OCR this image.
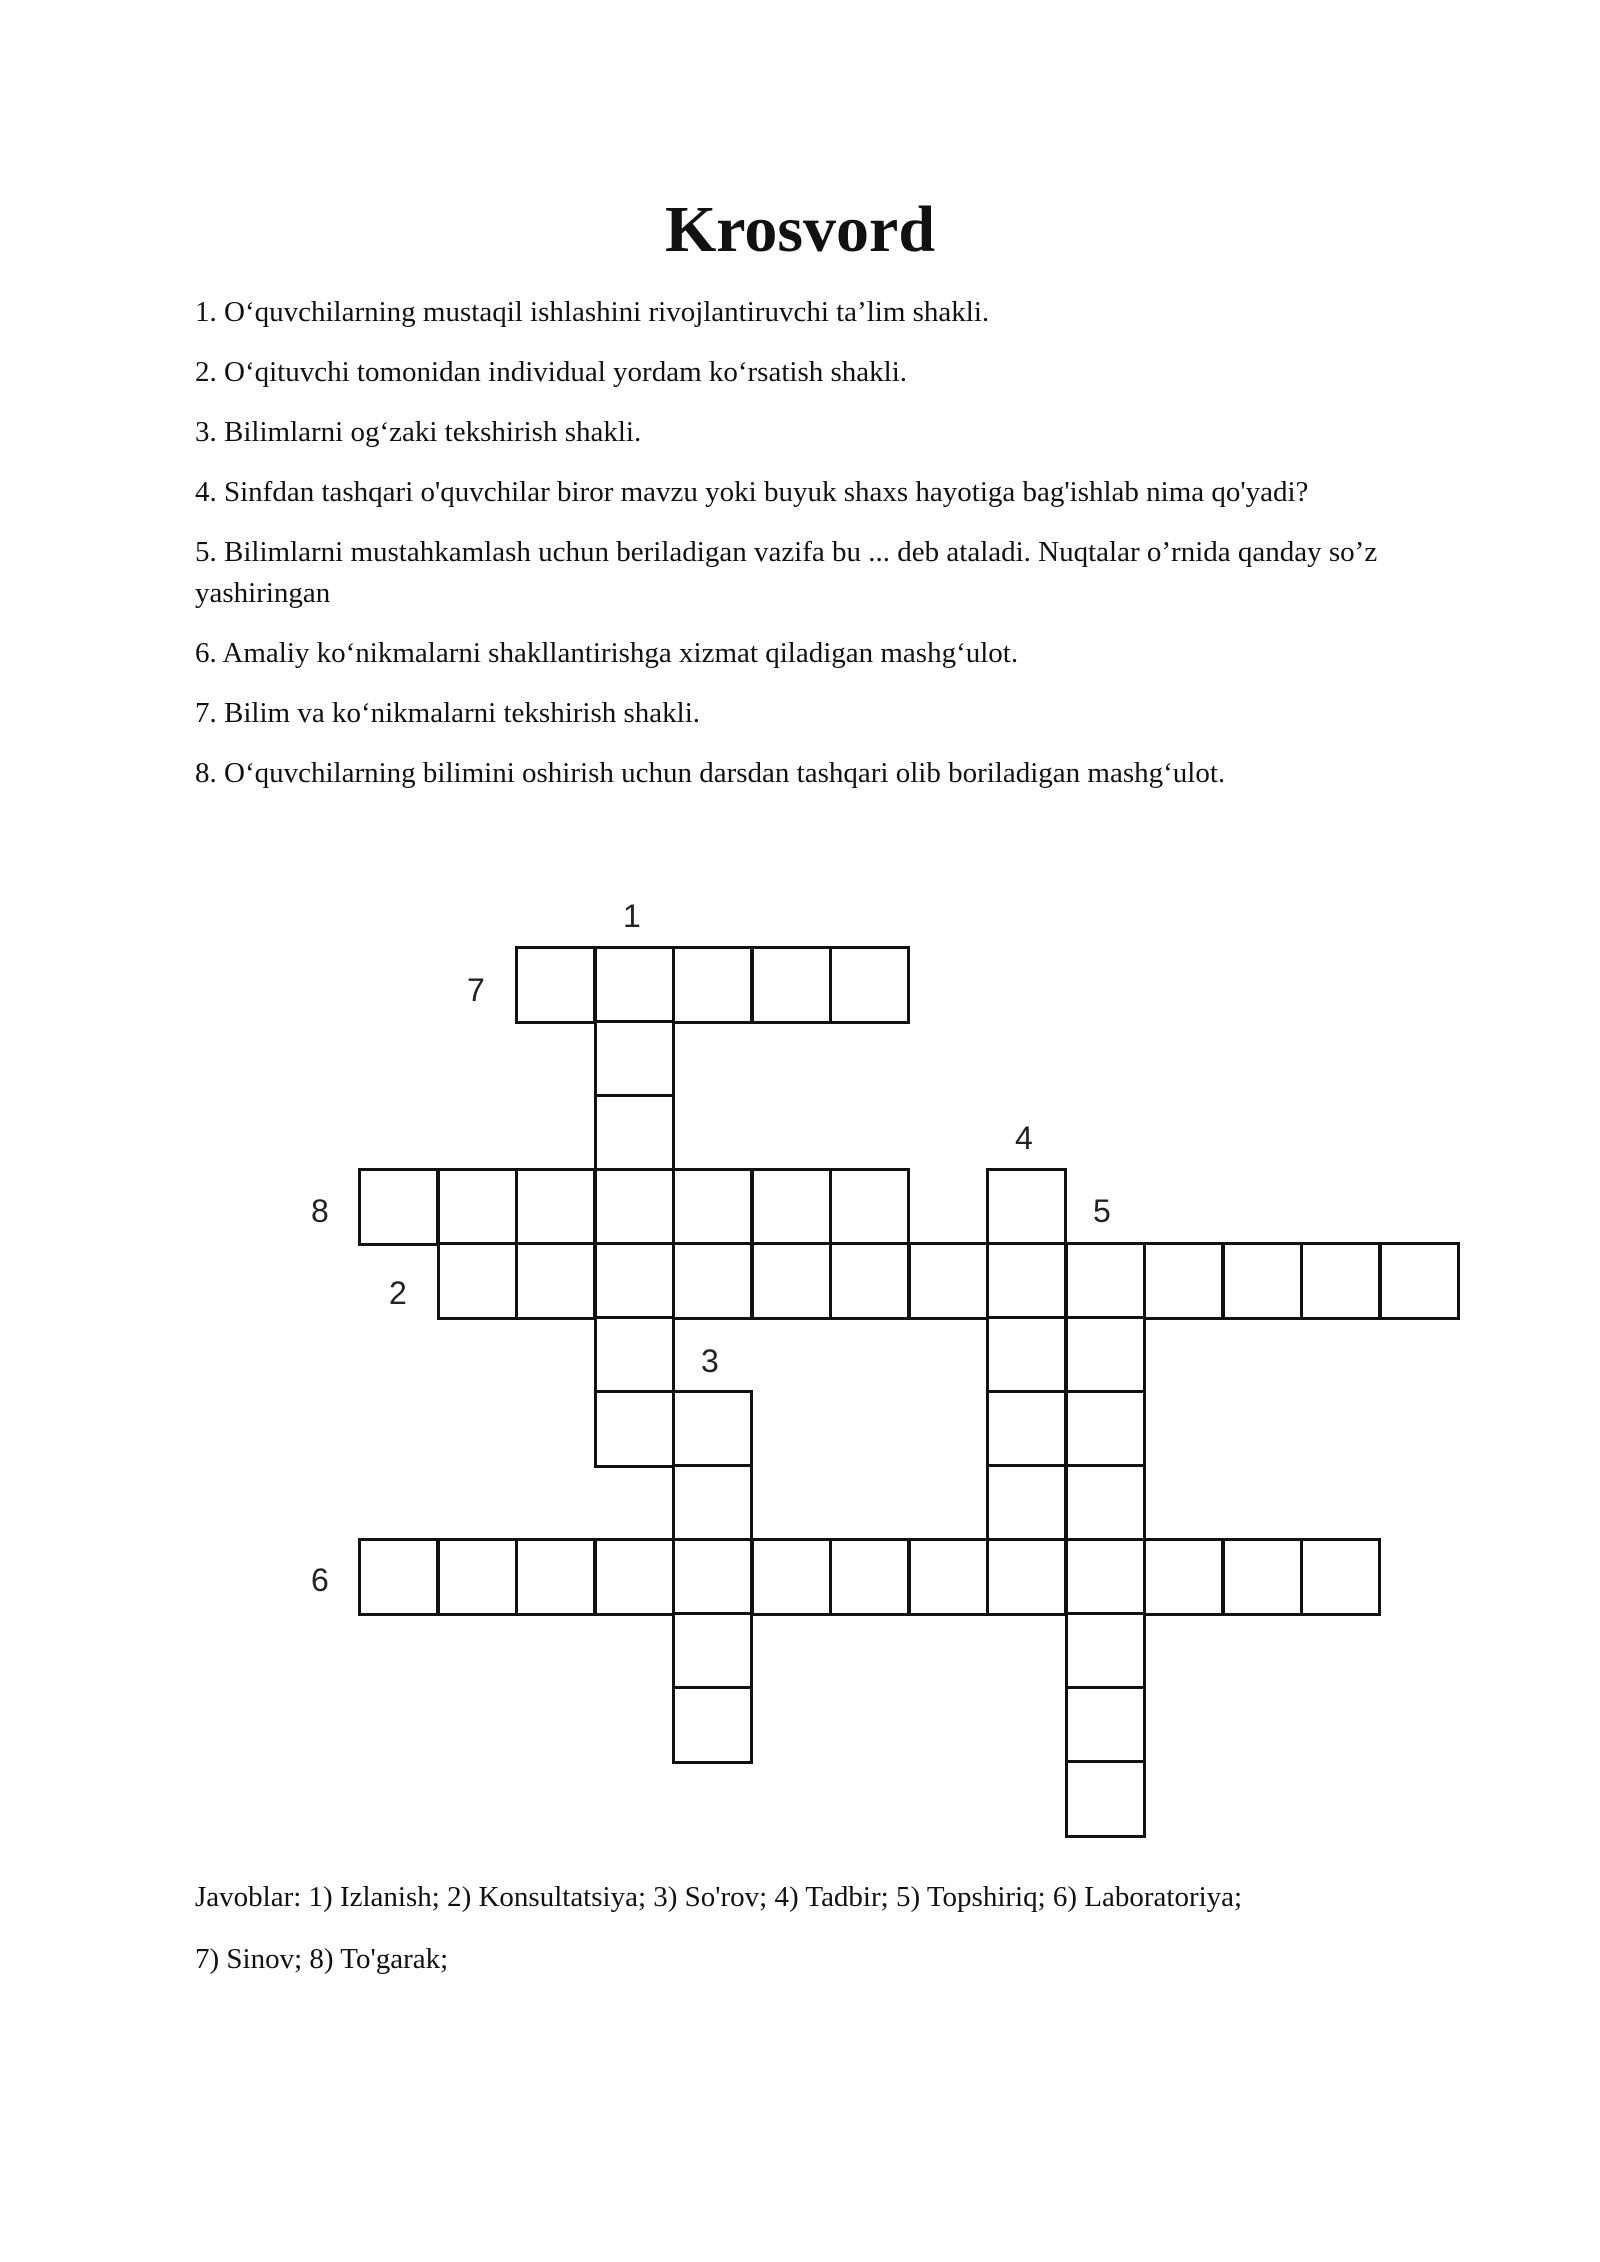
Krosvord
1. O‘quvchilarning mustaqil ishlashini rivojlantiruvchi ta’lim shakli.
2. O‘qituvchi tomonidan individual yordam ko‘rsatish shakli.
3. Bilimlarni og‘zaki tekshirish shakli.
4. Sinfdan tashqari o'quvchilar biror mavzu yoki buyuk shaxs hayotiga bag'ishlab nima qo'yadi?
5. Bilimlarni mustahkamlash uchun beriladigan vazifa bu ... deb ataladi. Nuqtalar o’rnida qanday so’z yashiringan
6. Amaliy ko‘nikmalarni shakllantirishga xizmat qiladigan mashg‘ulot.
7. Bilim va ko‘nikmalarni tekshirish shakli.
8. O‘quvchilarning bilimini oshirish uchun darsdan tashqari olib boriladigan mashg‘ulot.
1
7
4
8	5
2
3
6

Javoblar: 1) Izlanish; 2) Konsultatsiya; 3) So'rov; 4) Tadbir; 5) Topshiriq; 6) Laboratoriya;
7) Sinov; 8) To'garak;
